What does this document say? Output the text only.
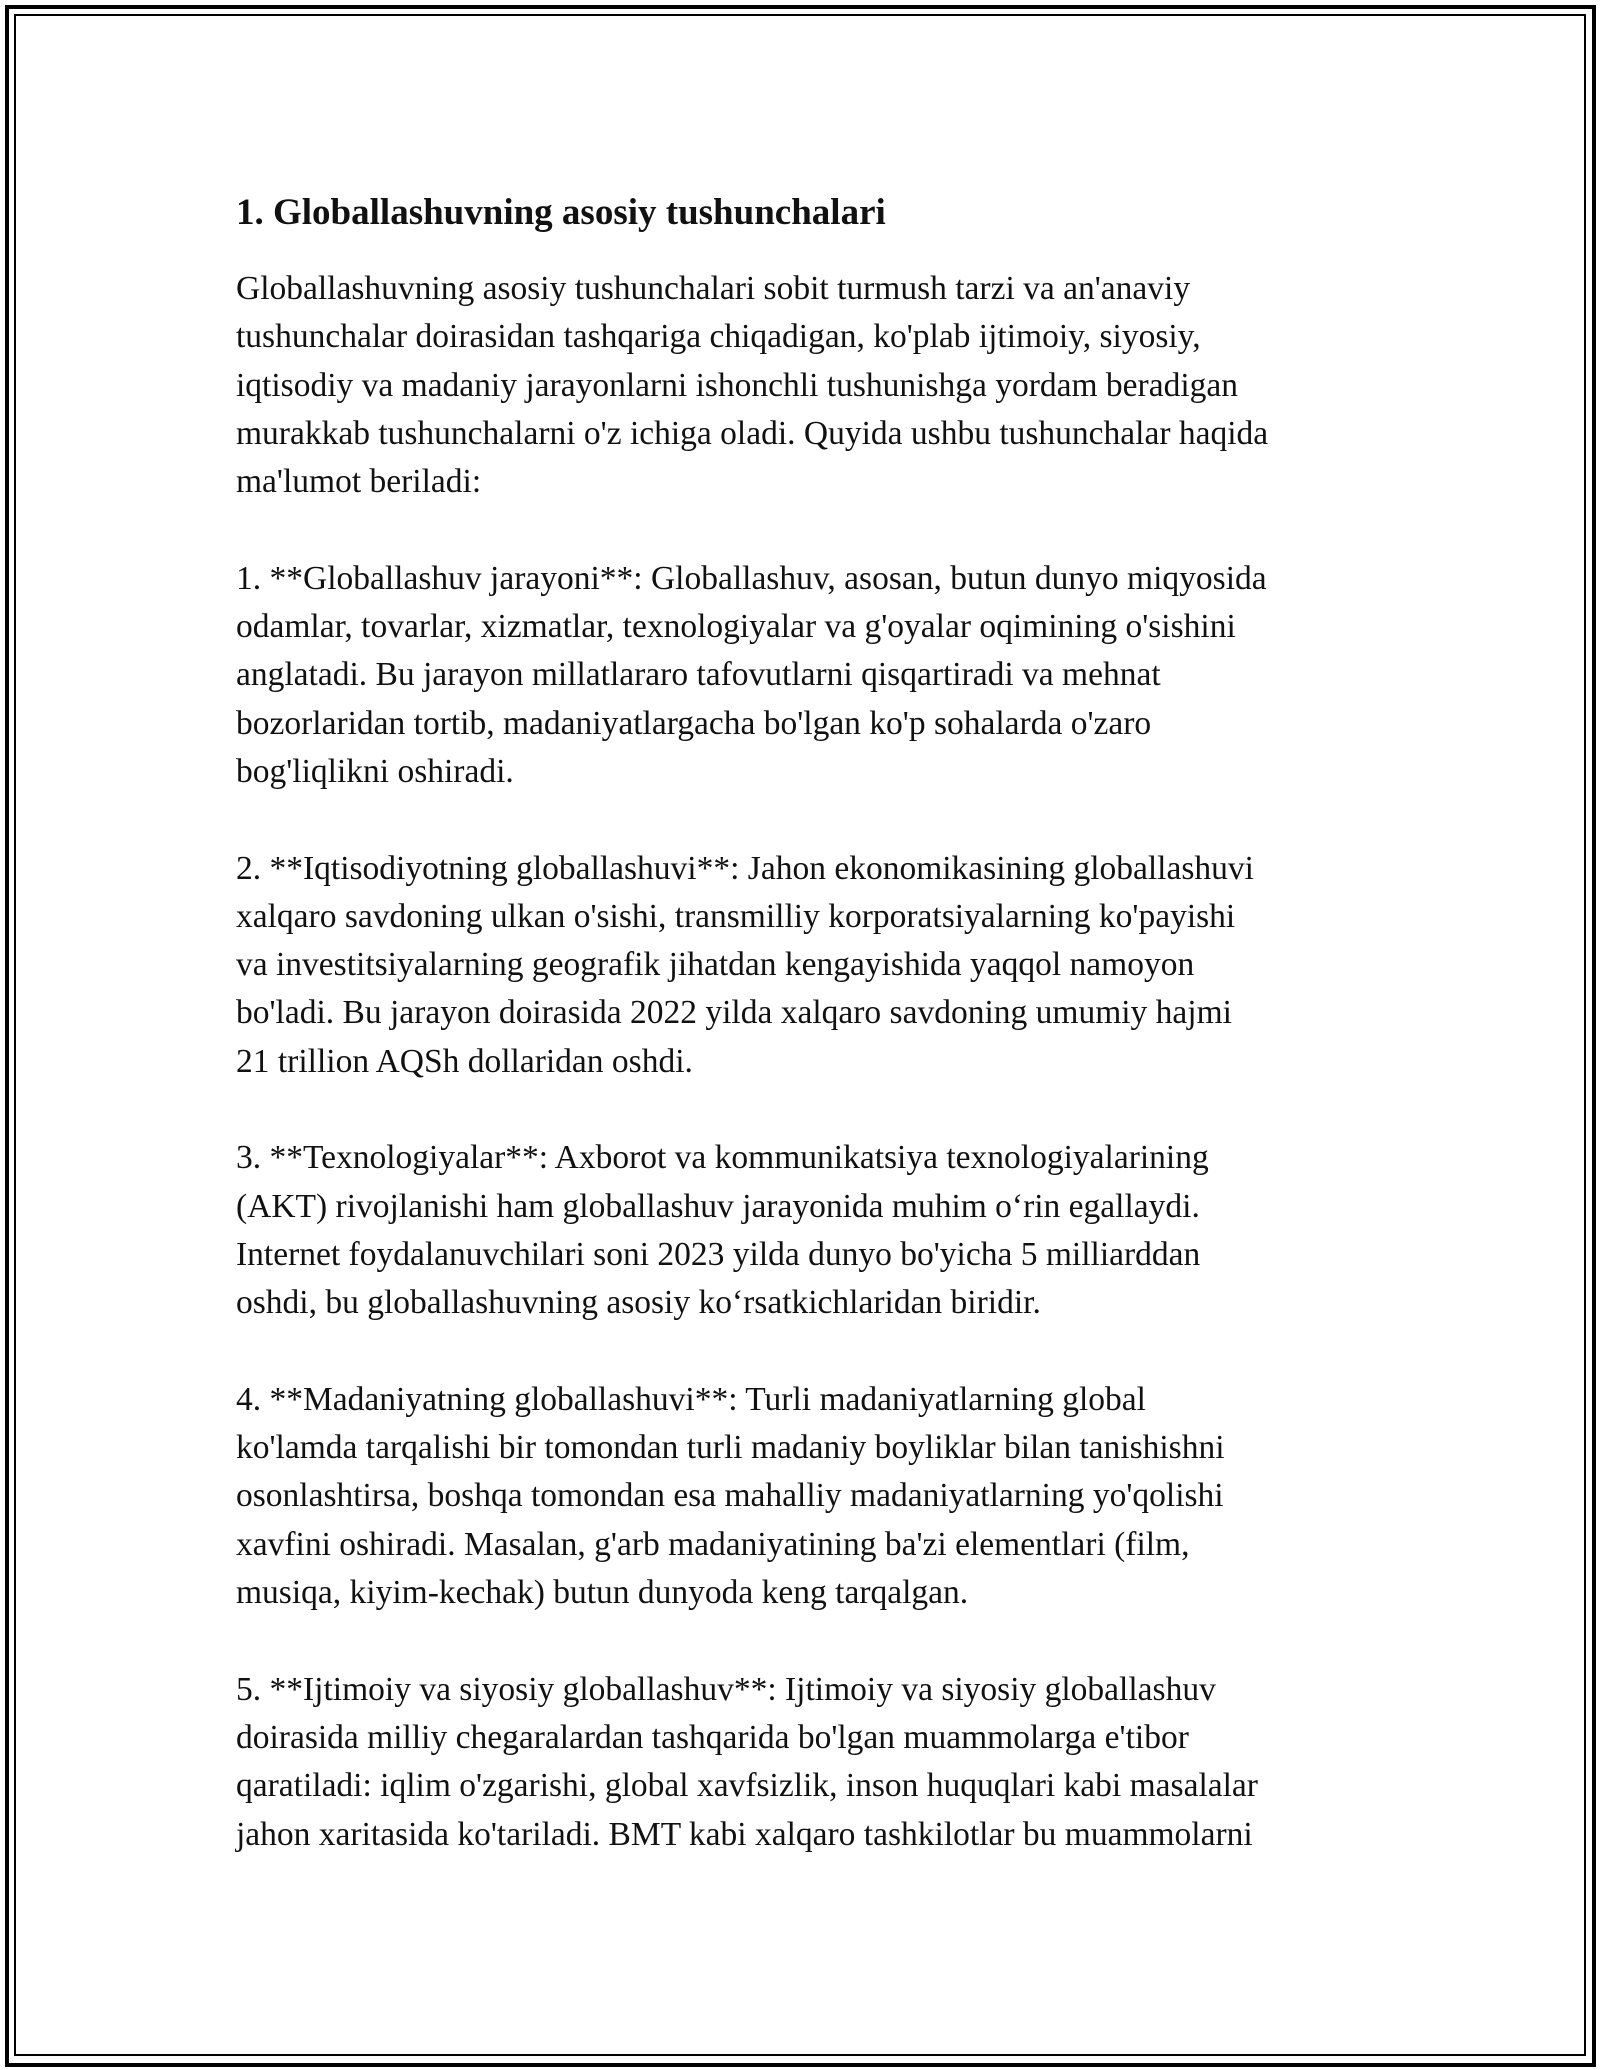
1. Globallashuvning asosiy tushunchalari

Globallashuvning asosiy tushunchalari sobit turmush tarzi va an'anaviy
tushunchalar doirasidan tashqariga chiqadigan, ko'plab ijtimoiy, siyosiy,
iqtisodiy va madaniy jarayonlarni ishonchli tushunishga yordam beradigan
murakkab tushunchalarni o'z ichiga oladi. Quyida ushbu tushunchalar haqida
ma'lumot beriladi:

1. **Globallashuv jarayoni**: Globallashuv, asosan, butun dunyo miqyosida
odamlar, tovarlar, xizmatlar, texnologiyalar va g'oyalar oqimining o'sishini
anglatadi. Bu jarayon millatlararo tafovutlarni qisqartiradi va mehnat
bozorlaridan tortib, madaniyatlargacha bo'lgan ko'p sohalarda o'zaro
bog'liqlikni oshiradi.

2. **Iqtisodiyotning globallashuvi**: Jahon ekonomikasining globallashuvi
xalqaro savdoning ulkan o'sishi, transmilliy korporatsiyalarning ko'payishi
va investitsiyalarning geografik jihatdan kengayishida yaqqol namoyon
bo'ladi. Bu jarayon doirasida 2022 yilda xalqaro savdoning umumiy hajmi
21 trillion AQSh dollaridan oshdi.

3. **Texnologiyalar**: Axborot va kommunikatsiya texnologiyalarining
(AKT) rivojlanishi ham globallashuv jarayonida muhim o‘rin egallaydi.
Internet foydalanuvchilari soni 2023 yilda dunyo bo'yicha 5 milliarddan
oshdi, bu globallashuvning asosiy ko‘rsatkichlaridan biridir.

4. **Madaniyatning globallashuvi**: Turli madaniyatlarning global
ko'lamda tarqalishi bir tomondan turli madaniy boyliklar bilan tanishishni
osonlashtirsa, boshqa tomondan esa mahalliy madaniyatlarning yo'qolishi
xavfini oshiradi. Masalan, g'arb madaniyatining ba'zi elementlari (film,
musiqa, kiyim-kechak) butun dunyoda keng tarqalgan.

5. **Ijtimoiy va siyosiy globallashuv**: Ijtimoiy va siyosiy globallashuv
doirasida milliy chegaralardan tashqarida bo'lgan muammolarga e'tibor
qaratiladi: iqlim o'zgarishi, global xavfsizlik, inson huquqlari kabi masalalar
jahon xaritasida ko'tariladi. BMT kabi xalqaro tashkilotlar bu muammolarni
